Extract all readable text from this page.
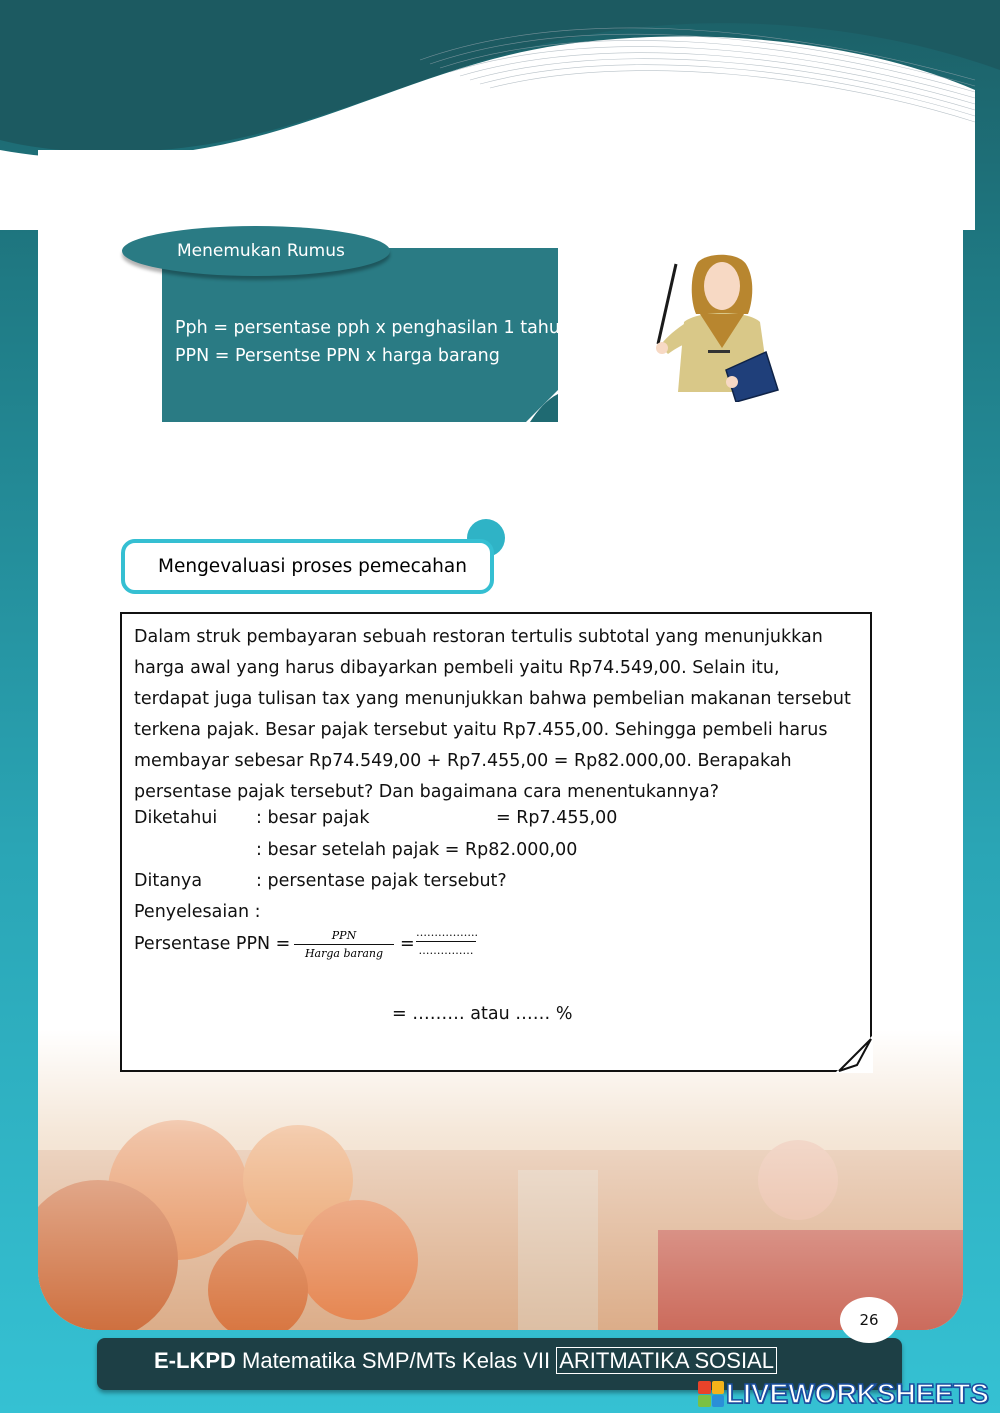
Pph = persentase pph x penghasilan 1 tahun
PPN = Persentse PPN x harga barang
Menemukan Rumus
Mengevaluasi proses pemecahan

Dalam struk pembayaran sebuah restoran tertulis subtotal yang menunjukkan harga awal yang harus dibayarkan pembeli yaitu Rp74.549,00. Selain itu, terdapat juga tulisan tax yang menunjukkan bahwa pembelian makanan tersebut terkena pajak. Besar pajak tersebut yaitu Rp7.455,00. Sehingga pembeli harus membayar sebesar Rp74.549,00 + Rp7.455,00 = Rp82.000,00. Berapakah persentase pajak tersebut? Dan bagaimana cara menentukannya?

Diketahui : besar pajak	= Rp7.455,00
: besar setelah pajak = Rp82.000,00
Ditanya	: persentase pajak tersebut?
Penyelesaian :
Persentase PPN =	PPN
Harga barang =
……………..
……………
= ……… atau …… %
26
E-LKPD Matematika SMP/MTs Kelas VII ARITMATIKA SOSIAL
LIVEWORKSHEETS
